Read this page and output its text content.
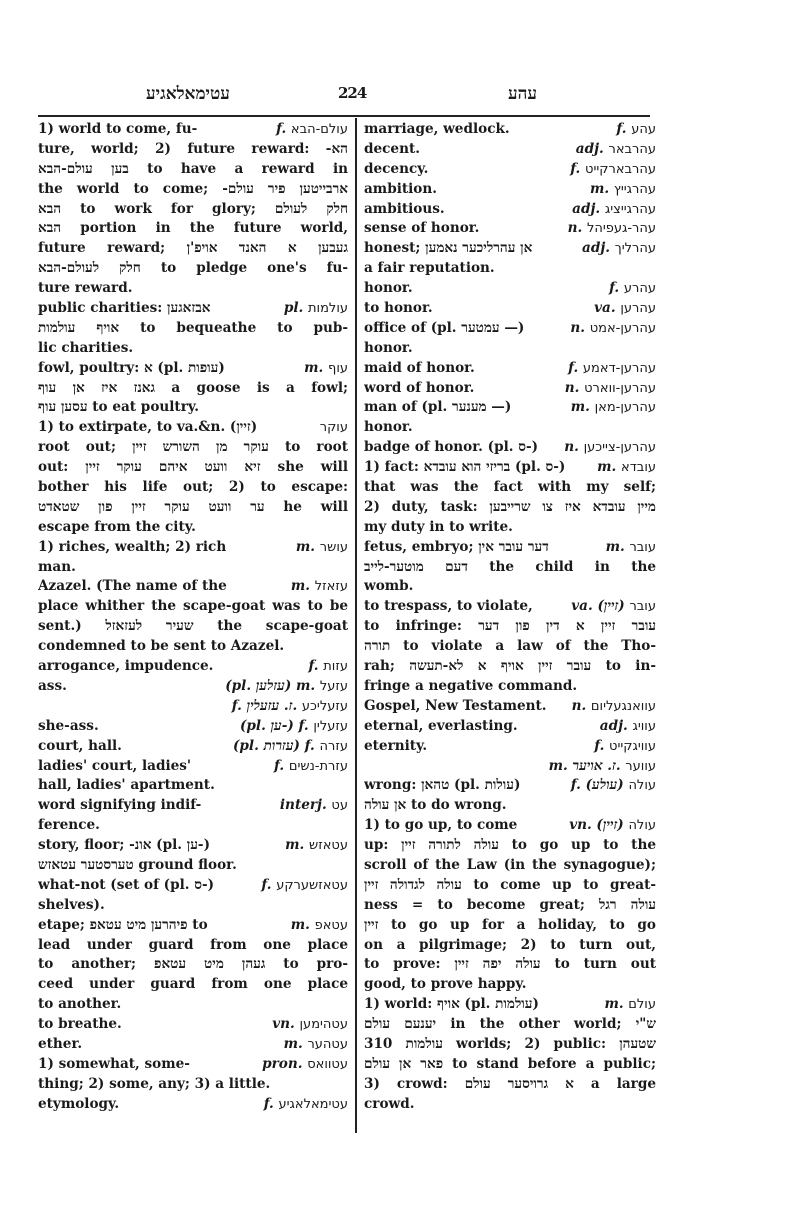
עטימאלאגיע	224	עהע
1) world to come, fu-	f. עולם-הבא
ture, world; 2) future reward: -הא
בען עולם-הבא to have a reward in
the world to come; -ארבייטען פיר עולם
הבא to work for glory; חלק לעולם
הבא portion in the future world,
future reward; געבען א האנד אויפ'ן
חלק לעולם-הבא to pledge one's fu-
ture reward.
public charities: אבזאגען	pl. עולמות
אויף עולמות to bequeathe to pub-
lic charities.
fowl, poultry: א (pl. עופות)	m. עוף
גאנז איז אן עוף a goose is a fowl;
עסען עוף to eat poultry.
1) to extirpate, to va.&n. (זיין)	עוקר
root out; עוקר מן השורש זיין to root
out: זיא וועט איהם עוקר זיין she will
bother his life out; 2) to escape:
ער וועט עוקר זיין פון שטאדט he will
escape from the city.
1) riches, wealth; 2) rich	m. עושר
man.
Azazel. (The name of the	m. עזאזל
place whither the scape-goat was to be
sent.) שעיר לעזאזל the scape-goat
condemned to be sent to Azazel.
arrogance, impudence.	f. עזות
ass.	(pl. עזלען) m. עזעל
f. ז. עזעלין. עזעליכע
she-ass.	(pl. ען-) f. עזעלין
court, hall.	(pl. עזרות) f. עזרה
ladies' court, ladies'	f. עזרת-נשים
hall, ladies' apartment.
word signifying indif-	interj. עט
ference.
story, floor; -אונ (pl. ען-)	m. עטאזש
טערסטער עטאזש ground floor.
what-not (set of (pl. ס-)	f. עטאזשערקע
shelves).
etape; פיהרען מיט עטאפ to	m. עטאפ
lead under guard from one place
to another; געהן מיט עטאפ to pro-
ceed under guard from one place
to another.
to breathe.	vn. עטהימען
ether.	m. עטהער
1) somewhat, some-	pron. עטוואס
thing; 2) some, any; 3) a little.
etymology.	f. עטימאלאגיע
marriage, wedlock.	f. עהע
decent.	adj. עהרבאר
decency.	f. עהרבארקייט
ambition.	m. עהרגייץ
ambitious.	adj. עהרגייציג
sense of honor.	n. עהר-געפיהל
honest; אן עהרליכער נאמען	adj. עהרליך
a fair reputation.
honor.	f. עהרע
to honor.	va. עהרען
office of (pl. עמטער —)	n. עהרען-אמט
honor.
maid of honor.	f. עהרען-דאמע
word of honor.	n. עהרען-ווארט
man of (pl. מענער —)	m. עהרען-מאן
honor.
badge of honor. (pl. ס-) n. עהרען-צייכען
1) fact: בריזי הוא עובדא (pl. ס-) m. עובדא
that was the fact with my self;
2) duty, task: מיין עובדא איז צו שרייבען
my duty in to write.
fetus, embryo; דער עובר אין	m. עובר
דעם מוטער-לייב the child in the
womb.
to trespass, to violate,	va. (זיין) עובר
to infringe: עובר זיין א דין פון דער
תורה to violate a law of the Tho-
rah; עובר זיין אויף א לא-תעשה to in-
fringe a negative command.
Gospel, New Testament. n. עוואנגעליום
eternal, everlasting.	adj. עוויג
eternity.	f. עוויגקייט
m. ז. אויער. עווער
wrong: טהאן (pl. עולות)	f. (עולע) עולה
אן עולה to do wrong.
1) to go up, to come	vn. (זיין) עולה
up: עולה לתורה זיין to go up to the
scroll of the Law (in the synagogue);
עולה לגדולה זיין to come up to great-
ness = to become great; עולה רגל
זיין to go up for a holiday, to go
on a pilgrimage; 2) to turn out,
to prove: עולה יפה זיין to turn out
good, to prove happy.
1) world: אויף (pl. עולמות)	m. עולם
יענעם עולם in the other world; ש"י
עולמות 310 worlds; 2) public: שטעהן
פאר אן עולם to stand before a public;
3) crowd: א גרויסער עולם a large
crowd.
